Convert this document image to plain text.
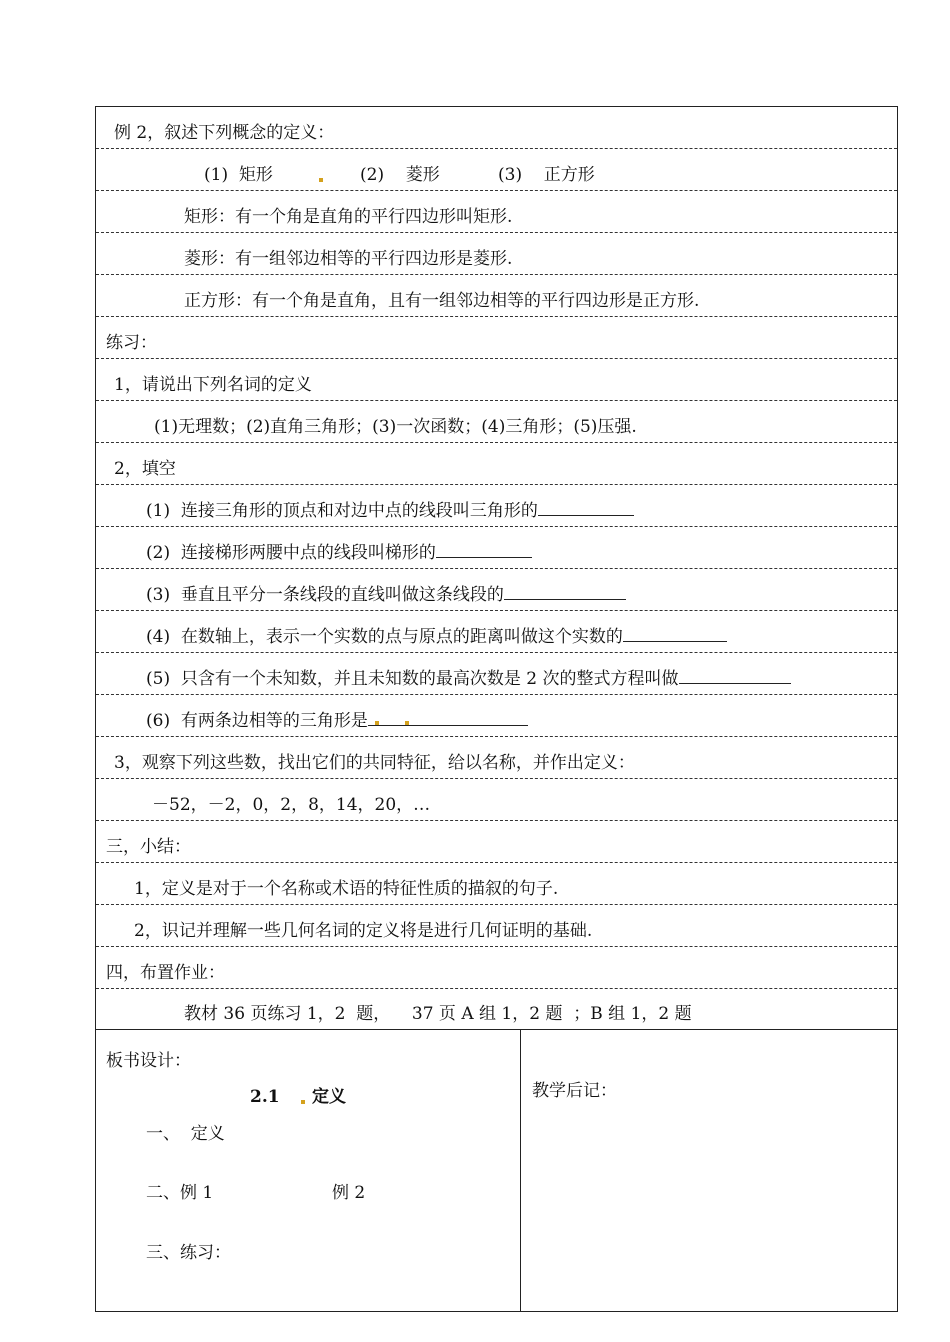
例 2，叙述下列概念的定义：
(1)  矩形	(2)    菱形	(3)    正方形
矩形：有一个角是直角的平行四边形叫矩形.
菱形：有一组邻边相等的平行四边形是菱形.
正方形：有一个角是直角，且有一组邻边相等的平行四边形是正方形.
练习：
1，请说出下列名词的定义
(1)无理数；(2)直角三角形；(3)一次函数；(4)三角形；(5)压强.
2，填空
(1)  连接三角形的顶点和对边中点的线段叫三角形的
(2)  连接梯形两腰中点的线段叫梯形的
(3)  垂直且平分一条线段的直线叫做这条线段的
(4)  在数轴上，表示一个实数的点与原点的距离叫做这个实数的
(5)  只含有一个未知数，并且未知数的最高次数是 2 次的整式方程叫做
(6)  有两条边相等的三角形是
3，观察下列这些数，找出它们的共同特征，给以名称，并作出定义：
－52，－2，0，2，8，14，20，…
三，小结：
1，定义是对于一个名称或术语的特征性质的描叙的句子.
2，识记并理解一些几何名词的定义将是进行几何证明的基础.
四，布置作业：
教材 36 页练习 1，2  题，    37 页 A 组 1，2 题  ；B 组 1，2 题
板书设计：
2.1 定义
一、  定义
二、例 1	例 2
三、练习：
教学后记：
